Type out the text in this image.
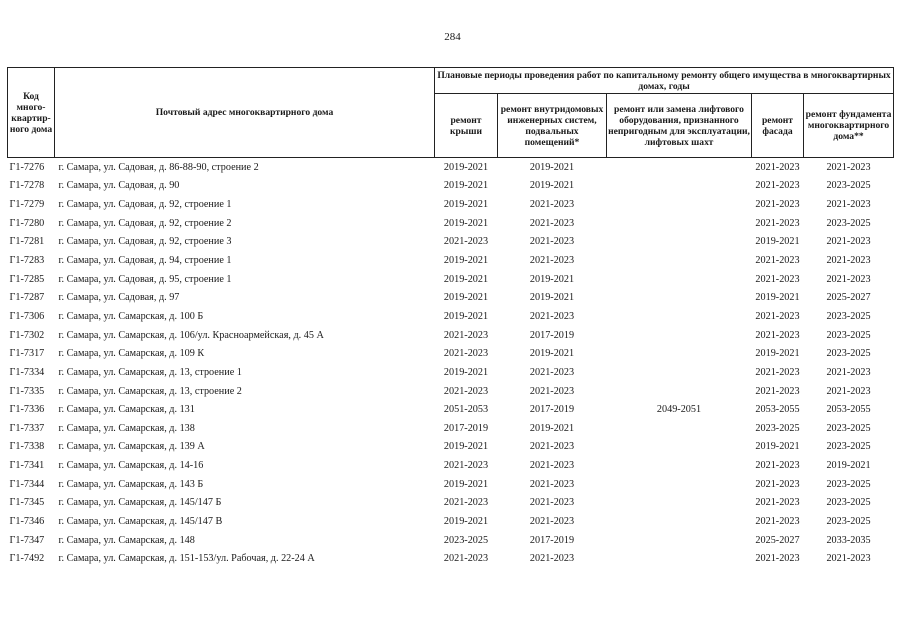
284
Код много-квартир-ного дома	Почтовый адрес многоквартирного дома	Плановые периоды проведения работ по капитальному ремонту общего имущества в многоквартирных домах, годы				
		ремонт крыши	ремонт внутридомовых инженерных систем, подвальных помещений*	ремонт или замена лифтового оборудования, признанного непригодным для эксплуатации, лифтовых шахт	ремонт фасада	ремонт фундамента многоквартирного дома**
Г1-7276	г. Самара, ул. Садовая, д. 86-88-90, строение 2	2019-2021	2019-2021		2021-2023	2021-2023
Г1-7278	г. Самара, ул. Садовая, д. 90	2019-2021	2019-2021		2021-2023	2023-2025
Г1-7279	г. Самара, ул. Садовая, д. 92, строение 1	2019-2021	2021-2023		2021-2023	2021-2023
Г1-7280	г. Самара, ул. Садовая, д. 92, строение 2	2019-2021	2021-2023		2021-2023	2023-2025
Г1-7281	г. Самара, ул. Садовая, д. 92, строение 3	2021-2023	2021-2023		2019-2021	2021-2023
Г1-7283	г. Самара, ул. Садовая, д. 94, строение 1	2019-2021	2021-2023		2021-2023	2021-2023
Г1-7285	г. Самара, ул. Садовая, д. 95, строение 1	2019-2021	2019-2021		2021-2023	2021-2023
Г1-7287	г. Самара, ул. Садовая, д. 97	2019-2021	2019-2021		2019-2021	2025-2027
Г1-7306	г. Самара, ул. Самарская, д. 100 Б	2019-2021	2021-2023		2021-2023	2023-2025
Г1-7302	г. Самара, ул. Самарская, д. 106/ул. Красноармейская, д. 45 А	2021-2023	2017-2019		2021-2023	2023-2025
Г1-7317	г. Самара, ул. Самарская, д. 109 К	2021-2023	2019-2021		2019-2021	2023-2025
Г1-7334	г. Самара, ул. Самарская, д. 13, строение 1	2019-2021	2021-2023		2021-2023	2021-2023
Г1-7335	г. Самара, ул. Самарская, д. 13, строение 2	2021-2023	2021-2023		2021-2023	2021-2023
Г1-7336	г. Самара, ул. Самарская, д. 131	2051-2053	2017-2019	2049-2051	2053-2055	2053-2055
Г1-7337	г. Самара, ул. Самарская, д. 138	2017-2019	2019-2021		2023-2025	2023-2025
Г1-7338	г. Самара, ул. Самарская, д. 139 А	2019-2021	2021-2023		2019-2021	2023-2025
Г1-7341	г. Самара, ул. Самарская, д. 14-16	2021-2023	2021-2023		2021-2023	2019-2021
Г1-7344	г. Самара, ул. Самарская, д. 143 Б	2019-2021	2021-2023		2021-2023	2023-2025
Г1-7345	г. Самара, ул. Самарская, д. 145/147 Б	2021-2023	2021-2023		2021-2023	2023-2025
Г1-7346	г. Самара, ул. Самарская, д. 145/147 В	2019-2021	2021-2023		2021-2023	2023-2025
Г1-7347	г. Самара, ул. Самарская, д. 148	2023-2025	2017-2019		2025-2027	2033-2035
Г1-7492	г. Самара, ул. Самарская, д. 151-153/ул. Рабочая, д. 22-24 А	2021-2023	2021-2023		2021-2023	2021-2023
